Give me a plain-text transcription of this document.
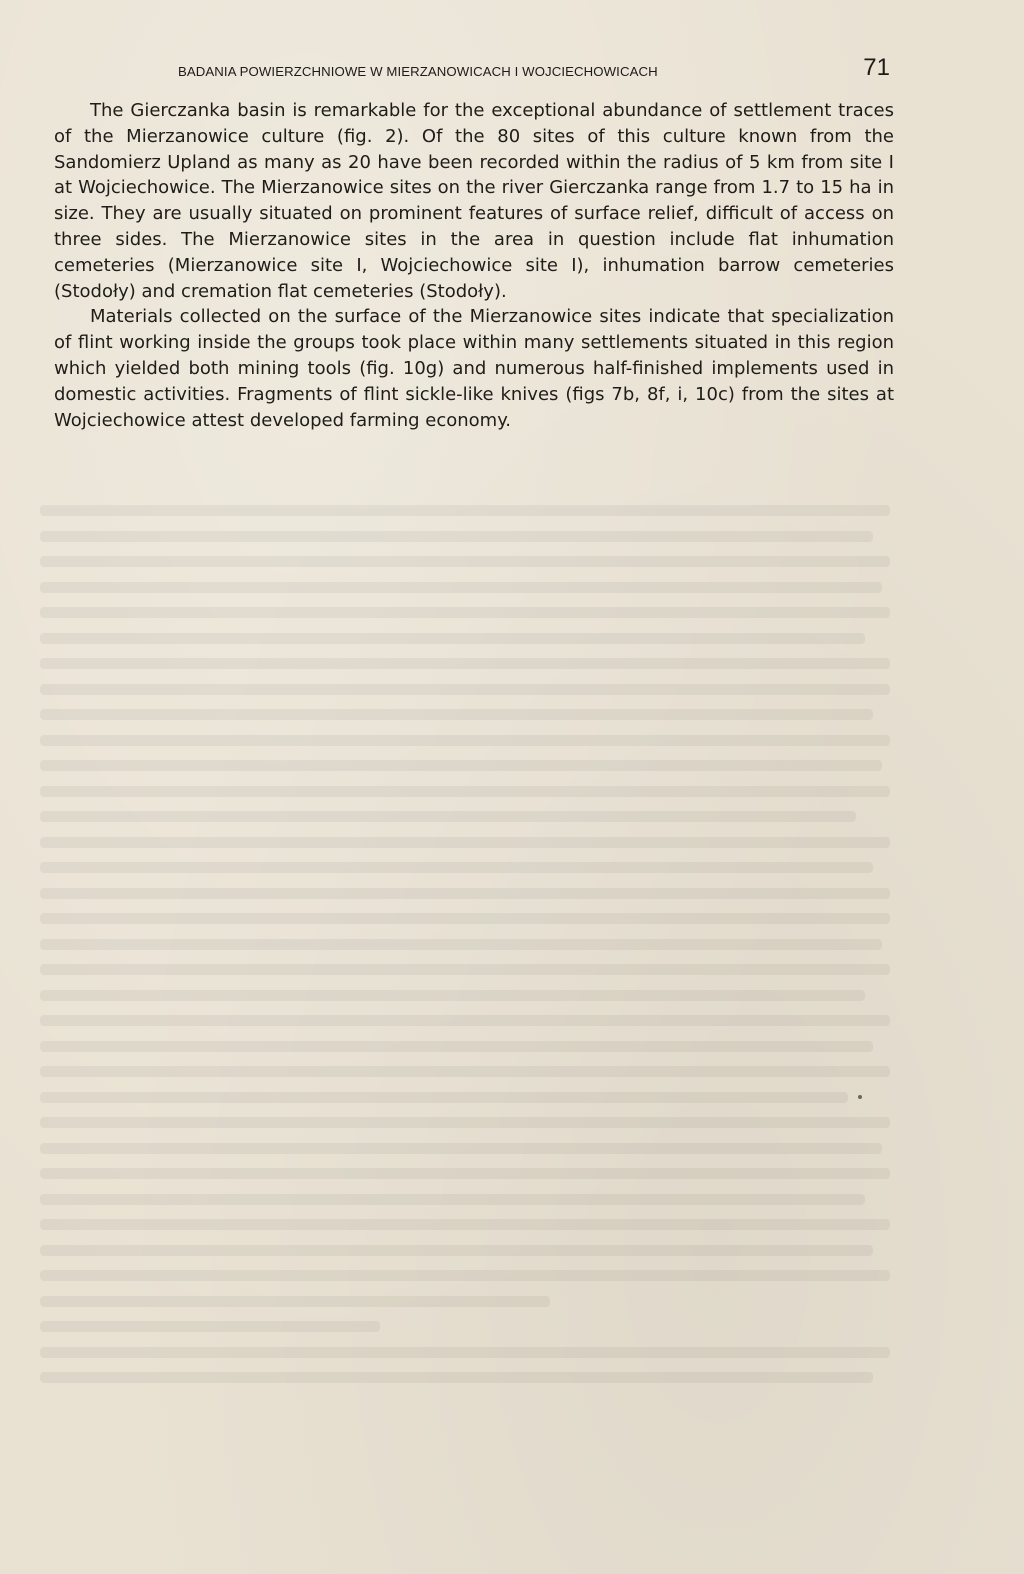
BADANIA POWIERZCHNIOWE W MIERZANOWICACH I WOJCIECHOWICACH	71

The Gierczanka basin is remarkable for the exceptional abundance of settlement traces of the Mierzanowice culture (fig. 2). Of the 80 sites of this culture known from the Sandomierz Upland as many as 20 have been recorded within the radius of 5 km from site I at Wojciechowice. The Mierzanowice sites on the river Gierczanka range from 1.7 to 15 ha in size. They are usually situated on prominent features of surface relief, difficult of access on three sides. The Mierzanowice sites in the area in question include flat inhumation cemeteries (Mierzanowice site I, Wojciechowice site I), inhumation barrow cemeteries (Stodoły) and cremation flat cemeteries (Stodoły).

Materials collected on the surface of the Mierzanowice sites indicate that specialization of flint working inside the groups took place within many settlements situated in this region which yielded both mining tools (fig. 10g) and numerous half-finished implements used in domestic activities. Fragments of flint sickle-like knives (figs 7b, 8f, i, 10c) from the sites at Wojciechowice attest developed farming economy.
